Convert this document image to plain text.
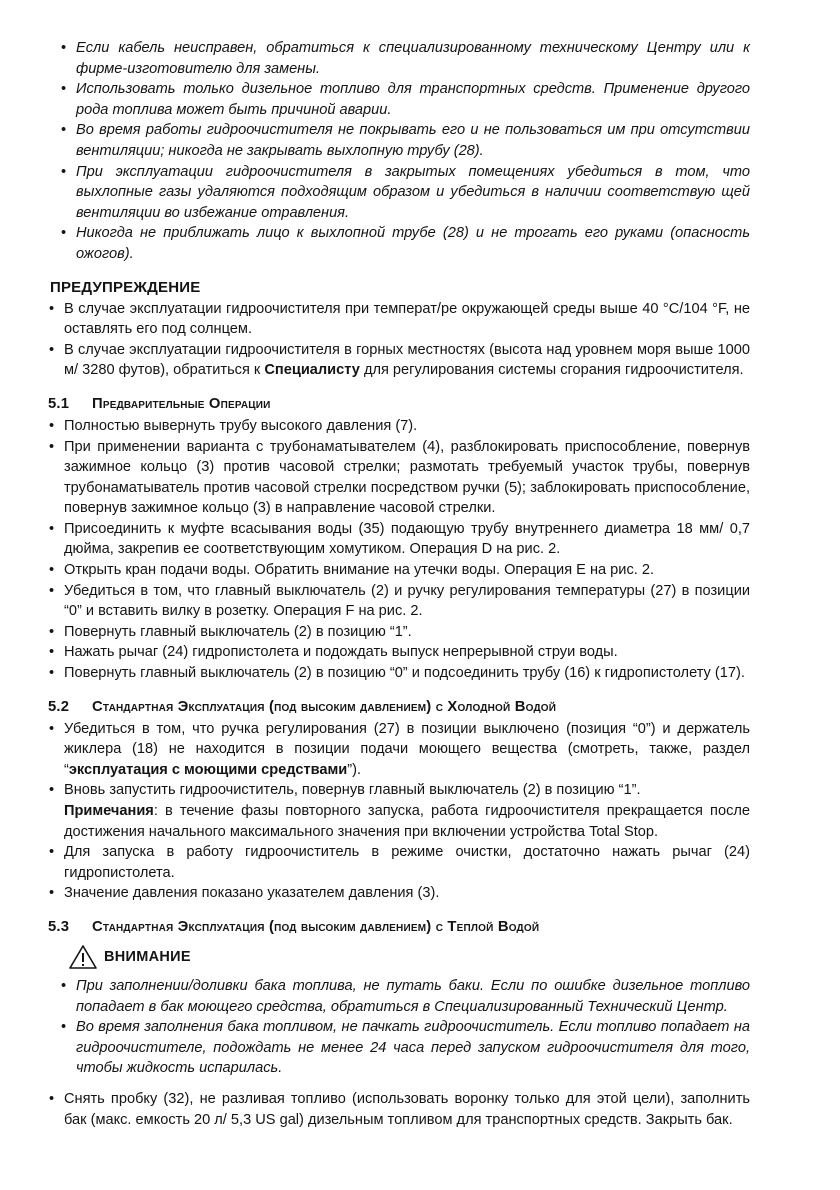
• Если кабель неисправен, обратиться к специализированному техническому Центру или к фирме-изготовителю для замены.
• Использовать только дизельное топливо для транспортных средств. Применение другого рода топлива может быть причиной аварии.
• Во время работы гидроочистителя не покрывать его и не пользоваться им при отсутствии вентиляции; никогда не закрывать выхлопную трубу (28).
• При эксплуатации гидроочистителя в закрытых помещениях убедиться в том, что выхлопные газы удаляются подходящим образом и убедиться в наличии соответствую щей вентиляции во избежание отравления.
• Никогда не приближать лицо к выхлопной трубе (28) и не трогать его руками (опасность ожогов).
ПРЕДУПРЕЖДЕНИЕ
• В случае эксплуатации гидроочистителя при температ/ре окружающей среды выше 40 °C/104 °F, не оставлять его под солнцем.
• В случае эксплуатации гидроочистителя в горных местностях (высота над уровнем моря выше 1000 м/ 3280 футов), обратиться к Специалисту для регулирования системы сгорания гидроочистителя.
5.1	Предварительные Операции
• Полностью вывернуть трубу высокого давления (7).
• При применении варианта с трубонаматывателем (4), разблокировать приспособление, повернув зажимное кольцо (3) против часовой стрелки; размотать требуемый участок трубы, повернув трубонаматыватель против часовой стрелки посредством ручки (5); заблокировать приспособление, повернув зажимное кольцо (3) в направление часовой стрелки.
• Присоединить к муфте всасывания воды (35) подающую трубу внутреннего диаметра 18 мм/ 0,7 дюйма, закрепив ее соответствующим хомутиком. Операция D на рис. 2.
• Открыть кран подачи воды. Обратить внимание на утечки воды. Операция E на рис. 2.
• Убедиться в том, что главный выключатель (2) и ручку регулирования температуры (27) в позиции “0” и вставить вилку в розетку. Операция F на рис. 2.
• Повернуть главный выключатель (2) в позицию “1”.
• Нажать рычаг (24) гидропистолета и подождать выпуск непрерывной струи воды.
• Повернуть главный выключатель (2) в позицию “0” и подсоединить трубу (16) к гидропистолету (17).
5.2	Стандартная Эксплуатация (под высоким давлением) с Холодной Водой
• Убедиться в том, что ручка регулирования (27) в позиции выключено (позиция “0”) и держатель жиклера (18) не находится в позиции подачи моющего вещества (смотреть, также, раздел “эксплуатация с моющими средствами”).
• Вновь запустить гидроочиститель, повернув главный выключатель (2) в позицию “1”.
Примечания: в течение фазы повторного запуска, работа гидроочистителя прекращается после достижения начального максимального значения при включении устройства Total Stop.
• Для запуска в работу гидроочиститель в режиме очистки, достаточно нажать рычаг (24) гидропистолета.
• Значение давления показано указателем давления (3).
5.3	Стандартная Эксплуатация (под высоким давлением) с Теплой Водой
ВНИМАНИЕ
• При заполнении/доливки бака топлива, не путать баки. Если по ошибке дизельное топливо попадает в бак моющего средства, обратиться в Специализированный Технический Центр.
• Во время заполнения бака топливом, не пачкать гидроочиститель. Если топливо попадает на гидроочистителе, подождать не менее 24 часа перед запуском гидроочистителя для того, чтобы жидкость испарилась.
• Снять пробку (32), не разливая топливо (использовать воронку только для этой цели), заполнить бак (макс. емкость 20 л/ 5,3 US gal) дизельным топливом для транспортных средств. Закрыть бак.
